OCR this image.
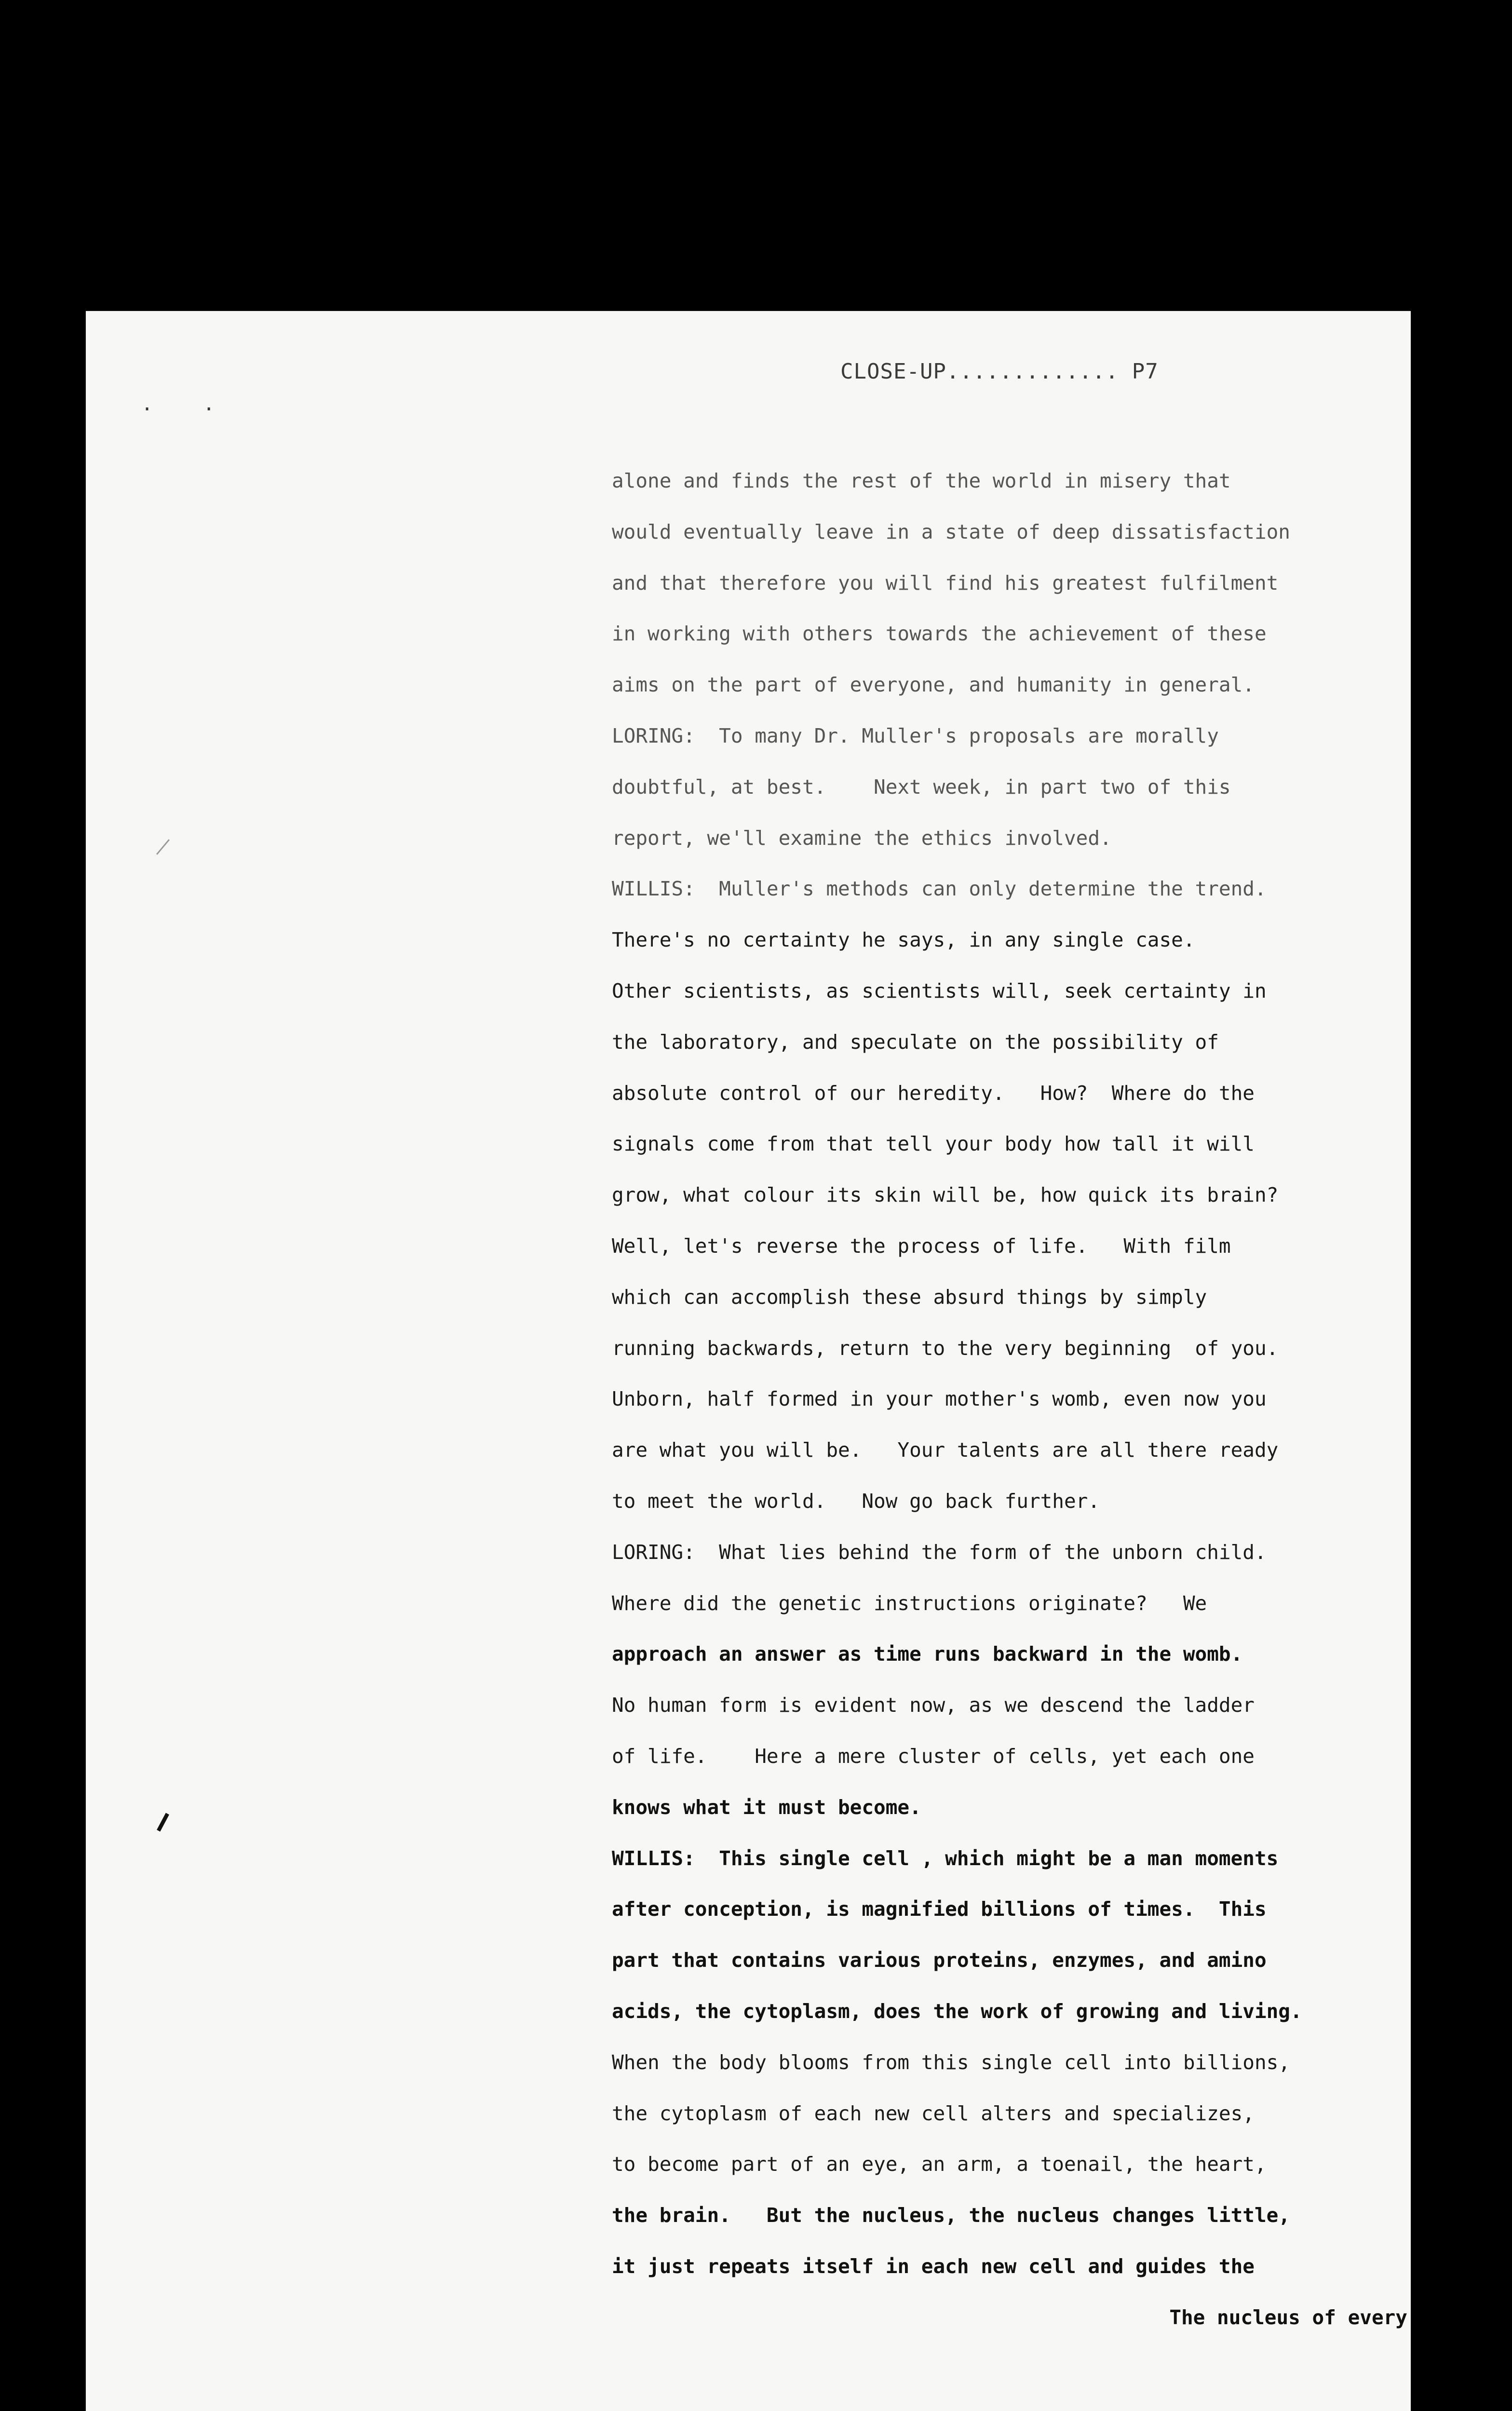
CLOSE-UP............. P7
. .
alone and finds the rest of the world in misery that
would eventually leave in a state of deep dissatisfaction
and that therefore you will find his greatest fulfilment
in working with others towards the achievement of these
aims on the part of everyone, and humanity in general.
LORING:  To many Dr. Muller's proposals are morally
doubtful, at best.    Next week, in part two of this
report, we'll examine the ethics involved.
WILLIS:  Muller's methods can only determine the trend.
There's no certainty he says, in any single case.
Other scientists, as scientists will, seek certainty in
the laboratory, and speculate on the possibility of
absolute control of our heredity.   How?  Where do the
signals come from that tell your body how tall it will
grow, what colour its skin will be, how quick its brain?
Well, let's reverse the process of life.   With film
which can accomplish these absurd things by simply
running backwards, return to the very beginning  of you.
Unborn, half formed in your mother's womb, even now you
are what you will be.   Your talents are all there ready
to meet the world.   Now go back further.
LORING:  What lies behind the form of the unborn child.
Where did the genetic instructions originate?   We
approach an answer as time runs backward in the womb.
No human form is evident now, as we descend the ladder
of life.    Here a mere cluster of cells, yet each one
knows what it must become.
WILLIS:  This single cell , which might be a man moments
after conception, is magnified billions of times.  This
part that contains various proteins, enzymes, and amino
acids, the cytoplasm, does the work of growing and living.
When the body blooms from this single cell into billions,
the cytoplasm of each new cell alters and specializes,
to become part of an eye, an arm, a toenail, the heart,
the brain.   But the nucleus, the nucleus changes little,
it just repeats itself in each new cell and guides the
The nucleus of every
